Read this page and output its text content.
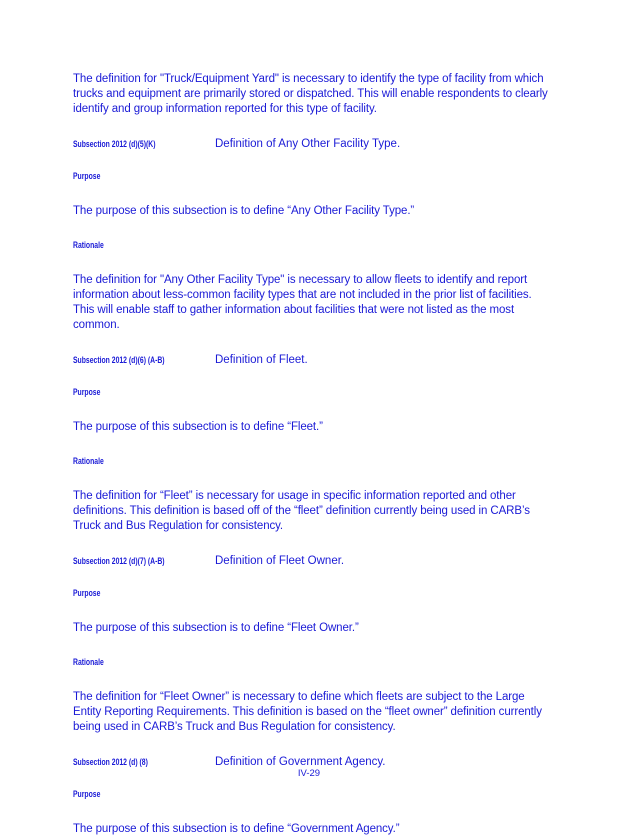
The definition for "Truck/Equipment Yard" is necessary to identify the type of facility from which trucks and equipment are primarily stored or dispatched. This will enable respondents to clearly identify and group information reported for this type of facility.

Subsection 2012 (d)(5)(K)	Definition of Any Other Facility Type.

Purpose

The purpose of this subsection is to define “Any Other Facility Type.”

Rationale

The definition for "Any Other Facility Type" is necessary to allow fleets to identify and report information about less-common facility types that are not included in the prior list of facilities. This will enable staff to gather information about facilities that were not listed as the most common.

Subsection 2012 (d)(6) (A-B)	Definition of Fleet.

Purpose

The purpose of this subsection is to define “Fleet.”

Rationale

The definition for “Fleet” is necessary for usage in specific information reported and other definitions. This definition is based off of the “fleet” definition currently being used in CARB’s Truck and Bus Regulation for consistency.

Subsection 2012 (d)(7) (A-B)	Definition of Fleet Owner.

Purpose

The purpose of this subsection is to define “Fleet Owner.”

Rationale

The definition for “Fleet Owner” is necessary to define which fleets are subject to the Large Entity Reporting Requirements. This definition is based on the “fleet owner” definition currently being used in CARB’s Truck and Bus Regulation for consistency.

Subsection 2012 (d) (8)	Definition of Government Agency.

Purpose

The purpose of this subsection is to define “Government Agency.”

IV-29
